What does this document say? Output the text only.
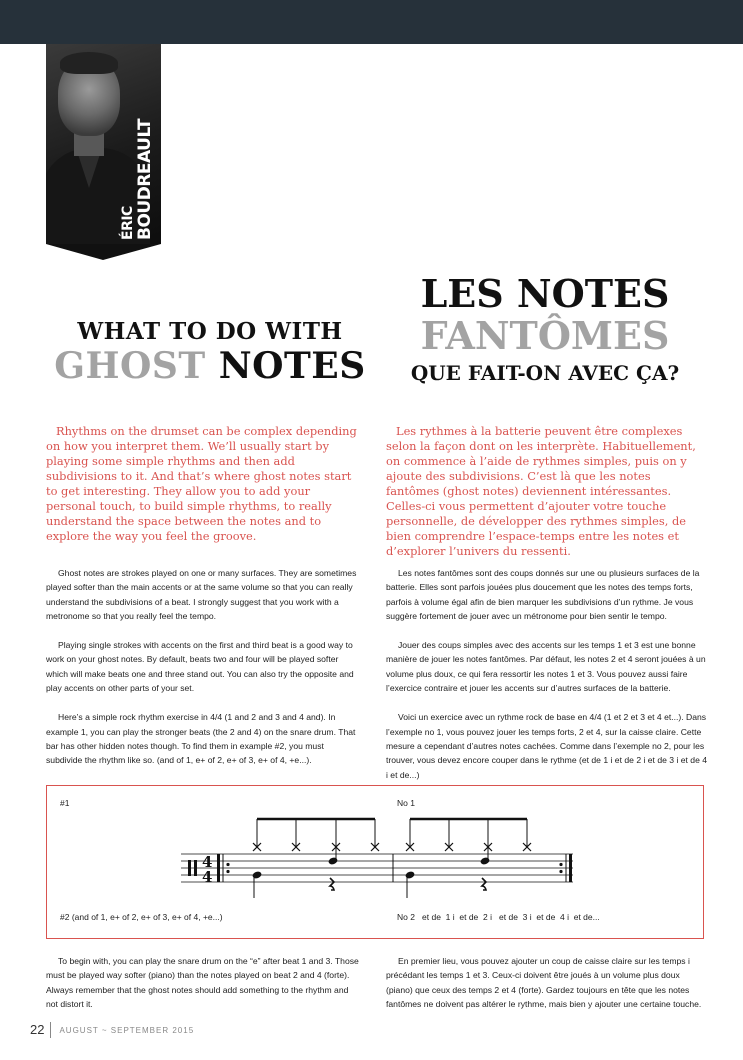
ÉRIC BOUDREAULT
LES NOTES
FANTÔMES
QUE FAIT-ON AVEC ÇA?
WHAT TO DO WITH
GHOST NOTES
Rhythms on the drumset can be complex depending on how you interpret them. We’ll usually start by playing some simple rhythms and then add subdivisions to it. And that’s where ghost notes start to get interesting. They allow you to add your personal touch, to build simple rhythms, to really understand the space between the notes and to explore the way you feel the groove.
Les rythmes à la batterie peuvent être complexes selon la façon dont on les interprète. Habituellement, on commence à l’aide de rythmes simples, puis on y ajoute des subdivisions. C’est là que les notes fantômes (ghost notes) deviennent intéressantes. Celles-ci vous permettent d’ajouter votre touche personnelle, de développer des rythmes simples, de bien comprendre l’espace-temps entre les notes et d’explorer l’univers du ressenti.

Ghost notes are strokes played on one or many surfaces. They are sometimes played softer than the main accents or at the same volume so that you can really understand the subdivisions of a beat. I strongly suggest that you work with a metronome so that you really feel the tempo.

Playing single strokes with accents on the first and third beat is a good way to work on your ghost notes. By default, beats two and four will be played softer which will make beats one and three stand out. You can also try the opposite and play accents on other parts of your set.

Here’s a simple rock rhythm exercise in 4/4 (1 and 2 and 3 and 4 and). In example 1, you can play the stronger beats (the 2 and 4) on the snare drum. That bar has other hidden notes though. To find them in example #2, you must subdivide the rhythm like so. (and of 1, e+ of 2, e+ of 3, e+ of 4, +e...).

Les notes fantômes sont des coups donnés sur une ou plusieurs surfaces de la batterie. Elles sont parfois jouées plus doucement que les notes des temps forts, parfois à volume égal afin de bien marquer les subdivisions d’un rythme. Je vous suggère fortement de jouer avec un métronome pour bien sentir le tempo.

Jouer des coups simples avec des accents sur les temps 1 et 3 est une bonne manière de jouer les notes fantômes. Par défaut, les notes 2 et 4 seront jouées à un volume plus doux, ce qui fera ressortir les notes 1 et 3. Vous pouvez aussi faire l’exercice contraire et jouer les accents sur d’autres surfaces de la batterie.

Voici un exercice avec un rythme rock de base en 4/4 (1 et 2 et 3 et 4 et...). Dans l’exemple no 1, vous pouvez jouer les temps forts, 2 et 4, sur la caisse claire. Cette mesure a cependant d’autres notes cachées. Comme dans l’exemple no 2, pour les trouver, vous devez encore couper dans le rythme (et de 1 i et de 2 i et de 3 i et de 4 i et de...)

#1	No 1
#2 (and of 1, e+ of 2, e+ of 3, e+ of 4, +e...)	No 2   et de  1 i  et de  2 i   et de  3 i  et de  4 i  et de...
4
4

To begin with, you can play the snare drum on the “e” after beat 1 and 3. Those must be played way softer (piano) than the notes played on beat 2 and 4 (forte). Always remember that the ghost notes should add something to the rhythm and not distort it.

En premier lieu, vous pouvez ajouter un coup de caisse claire sur les temps i précédant les temps 1 et 3. Ceux-ci doivent être joués à un volume plus doux (piano) que ceux des temps 2 et 4 (forte). Gardez toujours en tête que les notes fantômes ne doivent pas altérer le rythme, mais bien y ajouter une certaine touche.

22	AUGUST ~ SEPTEMBER 2015
